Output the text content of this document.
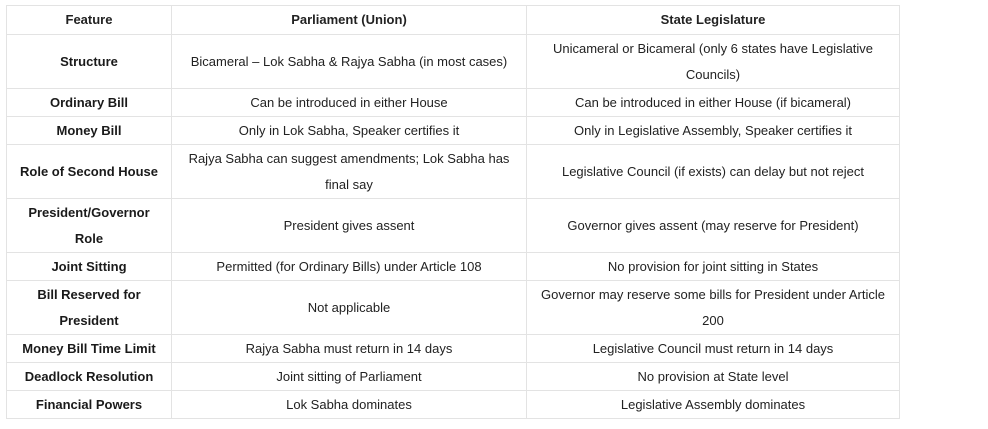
Feature	Parliament (Union)	State Legislature
Structure	Bicameral – Lok Sabha & Rajya Sabha (in most cases)	Unicameral or Bicameral (only 6 states have Legislative Councils)
Ordinary Bill	Can be introduced in either House	Can be introduced in either House (if bicameral)
Money Bill	Only in Lok Sabha, Speaker certifies it	Only in Legislative Assembly, Speaker certifies it
Role of Second House	Rajya Sabha can suggest amendments; Lok Sabha has final say	Legislative Council (if exists) can delay but not reject
President/Governor Role	President gives assent	Governor gives assent (may reserve for President)
Joint Sitting	Permitted (for Ordinary Bills) under Article 108	No provision for joint sitting in States
Bill Reserved for President	Not applicable	Governor may reserve some bills for President under Article 200
Money Bill Time Limit	Rajya Sabha must return in 14 days	Legislative Council must return in 14 days
Deadlock Resolution	Joint sitting of Parliament	No provision at State level
Financial Powers	Lok Sabha dominates	Legislative Assembly dominates
